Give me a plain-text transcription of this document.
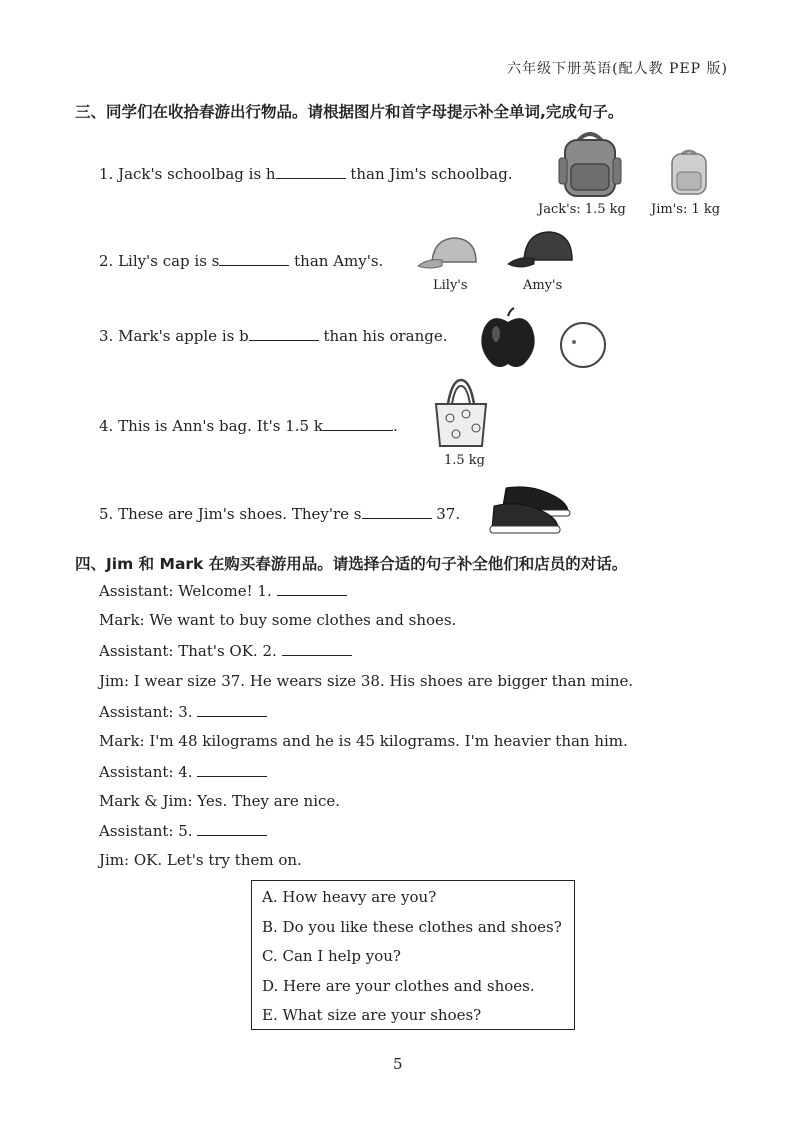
六年级下册英语(配人教 PEP 版)
三、同学们在收拾春游出行物品。请根据图片和首字母提示补全单词,完成句子。
1. Jack's schoolbag is h	than Jim's schoolbag.
2. Lily's cap is s	than Amy's.
3. Mark's apple is b	than his orange.
4. This is Ann's bag. It's 1.5 k	.
5. These are Jim's shoes. They're s	37.
Jack's: 1.5 kg Jim's: 1 kg
Lily's	Amy's
1.5 kg
四、Jim 和 Mark 在购买春游用品。请选择合适的句子补全他们和店员的对话。
Assistant: Welcome! 1.
Mark: We want to buy some clothes and shoes.
Assistant: That's OK. 2.
Jim: I wear size 37. He wears size 38. His shoes are bigger than mine.
Assistant: 3.
Mark: I'm 48 kilograms and he is 45 kilograms. I'm heavier than him.
Assistant: 4.
Mark & Jim: Yes. They are nice.
Assistant: 5.
Jim: OK. Let's try them on.
A. How heavy are you?
B. Do you like these clothes and shoes?
C. Can I help you?
D. Here are your clothes and shoes.
E. What size are your shoes?
5
